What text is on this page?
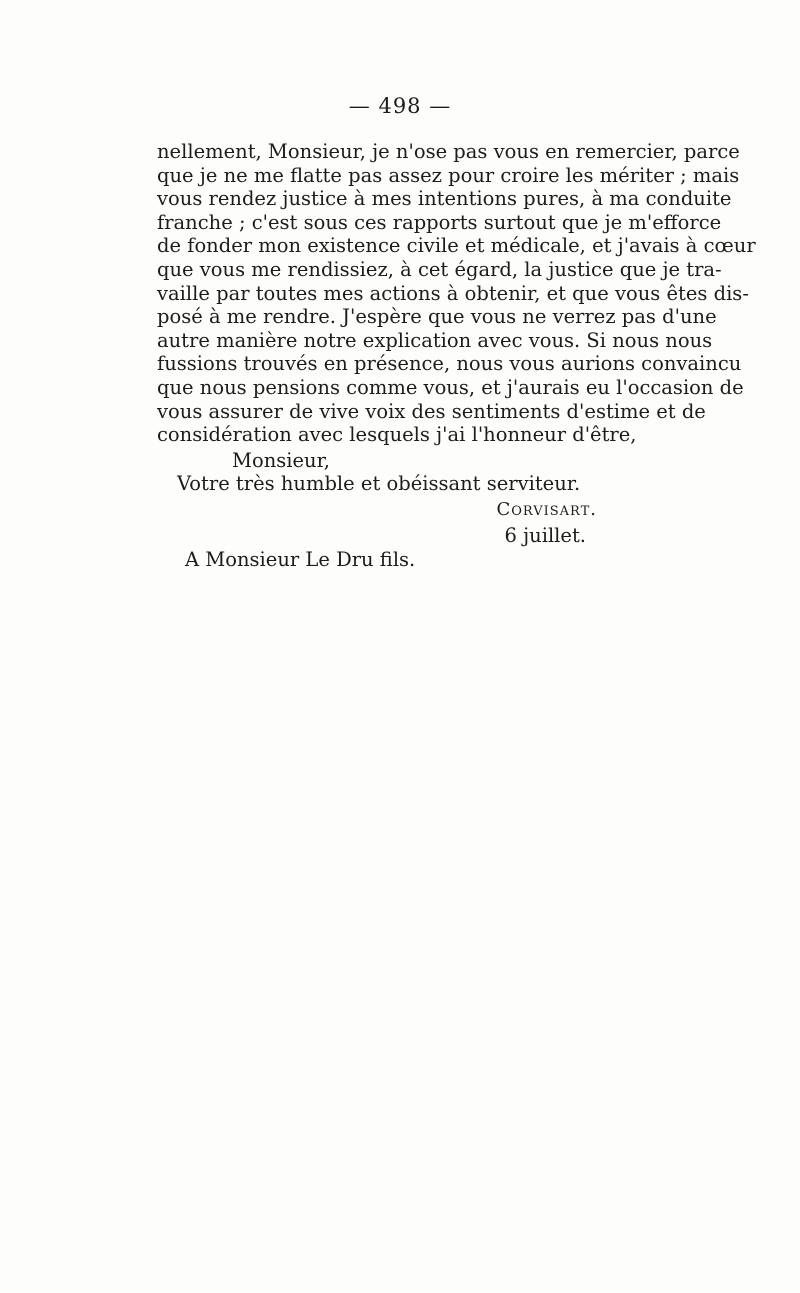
— 498 —
nellement, Monsieur, je n'ose pas vous en remercier, parce
que je ne me flatte pas assez pour croire les mériter ; mais
vous rendez justice à mes intentions pures, à ma conduite
franche ; c'est sous ces rapports surtout que je m'efforce
de fonder mon existence civile et médicale, et j'avais à cœur
que vous me rendissiez, à cet égard, la justice que je tra-
vaille par toutes mes actions à obtenir, et que vous êtes dis-
posé à me rendre. J'espère que vous ne verrez pas d'une
autre manière notre explication avec vous. Si nous nous
fussions trouvés en présence, nous vous aurions convaincu
que nous pensions comme vous, et j'aurais eu l'occasion de
vous assurer de vive voix des sentiments d'estime et de
considération avec lesquels j'ai l'honneur d'être,
Monsieur,
Votre très humble et obéissant serviteur.
Corvisart.
6 juillet.
A Monsieur Le Dru fils.
